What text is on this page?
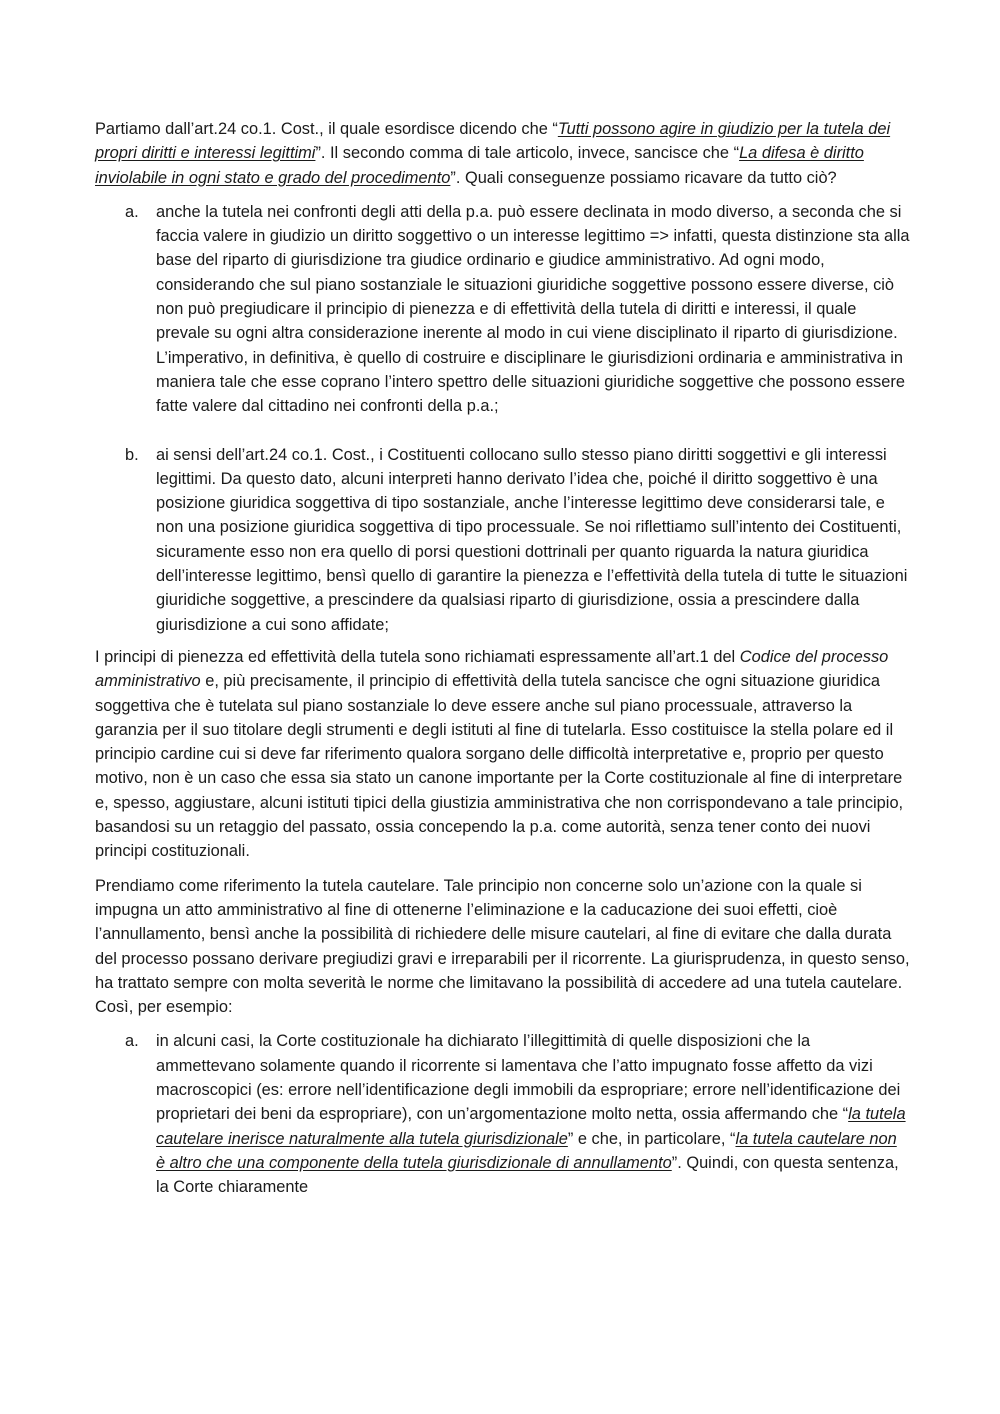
Partiamo dall’art.24 co.1. Cost., il quale esordisce dicendo che “Tutti possono agire in giudizio per la tutela dei propri diritti e interessi legittimi”. Il secondo comma di tale articolo, invece, sancisce che “La difesa è diritto inviolabile in ogni stato e grado del procedimento”. Quali conseguenze possiamo ricavare da tutto ciò?

a. anche la tutela nei confronti degli atti della p.a. può essere declinata in modo diverso, a seconda che si faccia valere in giudizio un diritto soggettivo o un interesse legittimo => infatti, questa distinzione sta alla base del riparto di giurisdizione tra giudice ordinario e giudice amministrativo. Ad ogni modo, considerando che sul piano sostanziale le situazioni giuridiche soggettive possono essere diverse, ciò non può pregiudicare il principio di pienezza e di effettività della tutela di diritti e interessi, il quale prevale su ogni altra considerazione inerente al modo in cui viene disciplinato il riparto di giurisdizione. L’imperativo, in definitiva, è quello di costruire e disciplinare le giurisdizioni ordinaria e amministrativa in maniera tale che esse coprano l’intero spettro delle situazioni giuridiche soggettive che possono essere fatte valere dal cittadino nei confronti della p.a.;

b. ai sensi dell’art.24 co.1. Cost., i Costituenti collocano sullo stesso piano diritti soggettivi e gli interessi legittimi. Da questo dato, alcuni interpreti hanno derivato l’idea che, poiché il diritto soggettivo è una posizione giuridica soggettiva di tipo sostanziale, anche l’interesse legittimo deve considerarsi tale, e non una posizione giuridica soggettiva di tipo processuale. Se noi riflettiamo sull’intento dei Costituenti, sicuramente esso non era quello di porsi questioni dottrinali per quanto riguarda la natura giuridica dell’interesse legittimo, bensì quello di garantire la pienezza e l’effettività della tutela di tutte le situazioni giuridiche soggettive, a prescindere da qualsiasi riparto di giurisdizione, ossia a prescindere dalla giurisdizione a cui sono affidate;

I principi di pienezza ed effettività della tutela sono richiamati espressamente all’art.1 del Codice del processo amministrativo e, più precisamente, il principio di effettività della tutela sancisce che ogni situazione giuridica soggettiva che è tutelata sul piano sostanziale lo deve essere anche sul piano processuale, attraverso la garanzia per il suo titolare degli strumenti e degli istituti al fine di tutelarla. Esso costituisce la stella polare ed il principio cardine cui si deve far riferimento qualora sorgano delle difficoltà interpretative e, proprio per questo motivo, non è un caso che essa sia stato un canone importante per la Corte costituzionale al fine di interpretare e, spesso, aggiustare, alcuni istituti tipici della giustizia amministrativa che non corrispondevano a tale principio, basandosi su un retaggio del passato, ossia concependo la p.a. come autorità, senza tener conto dei nuovi principi costituzionali.

Prendiamo come riferimento la tutela cautelare. Tale principio non concerne solo un’azione con la quale si impugna un atto amministrativo al fine di ottenerne l’eliminazione e la caducazione dei suoi effetti, cioè l’annullamento, bensì anche la possibilità di richiedere delle misure cautelari, al fine di evitare che dalla durata del processo possano derivare pregiudizi gravi e irreparabili per il ricorrente. La giurisprudenza, in questo senso, ha trattato sempre con molta severità le norme che limitavano la possibilità di accedere ad una tutela cautelare. Così, per esempio:

a. in alcuni casi, la Corte costituzionale ha dichiarato l’illegittimità di quelle disposizioni che la ammettevano solamente quando il ricorrente si lamentava che l’atto impugnato fosse affetto da vizi macroscopici (es: errore nell’identificazione degli immobili da espropriare; errore nell’identificazione dei proprietari dei beni da espropriare), con un’argomentazione molto netta, ossia affermando che “la tutela cautelare inerisce naturalmente alla tutela giurisdizionale” e che, in particolare, “la tutela cautelare non è altro che una componente della tutela giurisdizionale di annullamento”. Quindi, con questa sentenza, la Corte chiaramente
